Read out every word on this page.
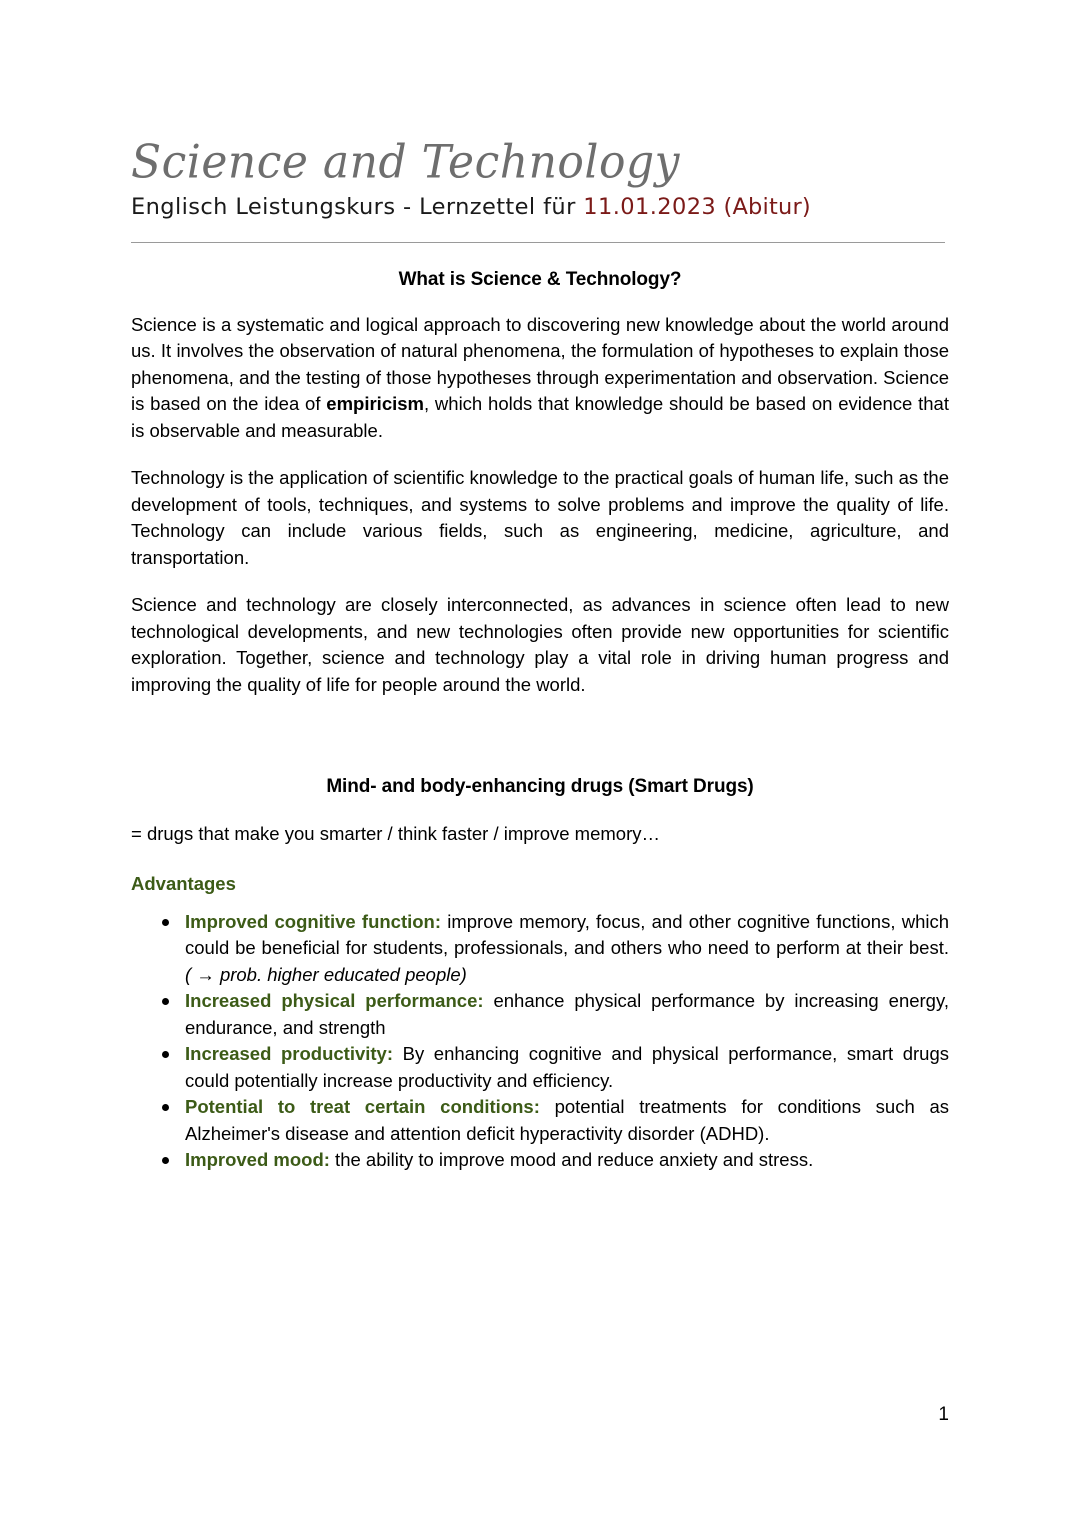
Science and Technology
Englisch Leistungskurs - Lernzettel für 11.01.2023 (Abitur)
What is Science & Technology?

Science is a systematic and logical approach to discovering new knowledge about the world around us. It involves the observation of natural phenomena, the formulation of hypotheses to explain those phenomena, and the testing of those hypotheses through experimentation and observation. Science is based on the idea of empiricism, which holds that knowledge should be based on evidence that is observable and measurable.

Technology is the application of scientific knowledge to the practical goals of human life, such as the development of tools, techniques, and systems to solve problems and improve the quality of life. Technology can include various fields, such as engineering, medicine, agriculture, and transportation.

Science and technology are closely interconnected, as advances in science often lead to new technological developments, and new technologies often provide new opportunities for scientific exploration. Together, science and technology play a vital role in driving human progress and improving the quality of life for people around the world.

Mind- and body-enhancing drugs (Smart Drugs)

= drugs that make you smarter / think faster / improve memory…

Advantages
Improved cognitive function: improve memory, focus, and other cognitive functions, which could be beneficial for students, professionals, and others who need to perform at their best. ( → prob. higher educated people)
Increased physical performance: enhance physical performance by increasing energy, endurance, and strength
Increased productivity: By enhancing cognitive and physical performance, smart drugs could potentially increase productivity and efficiency.
Potential to treat certain conditions: potential treatments for conditions such as Alzheimer's disease and attention deficit hyperactivity disorder (ADHD).
Improved mood: the ability to improve mood and reduce anxiety and stress.
1
